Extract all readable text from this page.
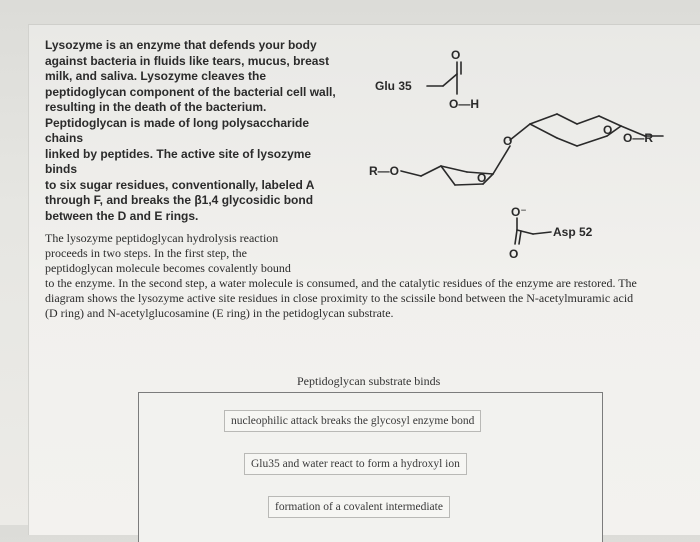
Lysozyme is an enzyme that defends your body
against bacteria in fluids like tears, mucus, breast
milk, and saliva. Lysozyme cleaves the
peptidoglycan component of the bacterial cell wall,
resulting in the death of the bacterium.
Peptidoglycan is made of long polysaccharide chains
linked by peptides. The active site of lysozyme binds
to six sugar residues, conventionally, labeled A
through F, and breaks the β1,4 glycosidic bond
between the D and E rings.

Glu 35
O
O—H
O
O
O—R
R—O	O
O⁻
Asp 52
O

The lysozyme peptidoglycan hydrolysis reaction
proceeds in two steps. In the first step, the
peptidoglycan molecule becomes covalently bound
to the enzyme. In the second step, a water molecule is consumed, and the catalytic residues of the enzyme are restored. The
diagram shows the lysozyme active site residues in close proximity to the scissile bond between the N-acetylmuramic acid
(D ring) and N-acetylglucosamine (E ring) in the petidoglycan substrate.

Peptidoglycan substrate binds
nucleophilic attack breaks the glycosyl enzyme bond
Glu35 and water react to form a hydroxyl ion
formation of a covalent intermediate
